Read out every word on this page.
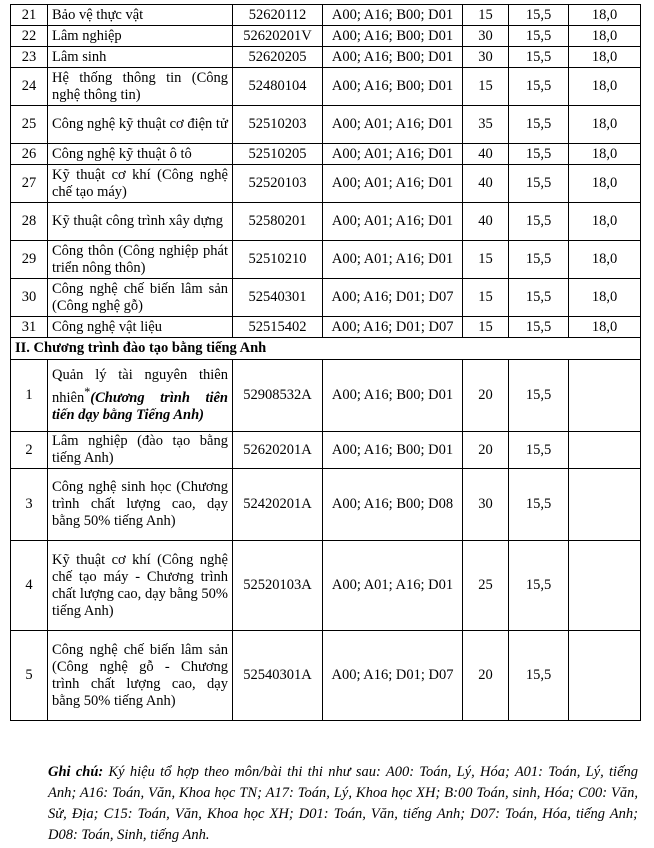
21	Bảo vệ thực vật	52620112	A00; A16; B00; D01	15	15,5	18,0
22	Lâm nghiệp	52620201V	A00; A16; B00; D01	30	15,5	18,0
23	Lâm sinh	52620205	A00; A16; B00; D01	30	15,5	18,0
24	Hệ thống thông tin (Công nghệ thông tin)	52480104	A00; A16; B00; D01	15	15,5	18,0
25	Công nghệ kỹ thuật cơ điện tử	52510203	A00; A01; A16; D01	35	15,5	18,0
26	Công nghệ kỹ thuật ô tô	52510205	A00; A01; A16; D01	40	15,5	18,0
27	Kỹ thuật cơ khí (Công nghệ chế tạo máy)	52520103	A00; A01; A16; D01	40	15,5	18,0
28	Kỹ thuật công trình xây dựng	52580201	A00; A01; A16; D01	40	15,5	18,0
29	Công thôn (Công nghiệp phát triển nông thôn)	52510210	A00; A01; A16; D01	15	15,5	18,0
30	Công nghệ chế biến lâm sản (Công nghệ gỗ)	52540301	A00; A16; D01; D07	15	15,5	18,0
31	Công nghệ vật liệu	52515402	A00; A16; D01; D07	15	15,5	18,0
II. Chương trình đào tạo bằng tiếng Anh						
1	Quản lý tài nguyên thiên nhiên*(Chương trình tiên tiến dạy bằng Tiếng Anh)	52908532A	A00; A16; B00; D01	20	15,5	
2	Lâm nghiệp (đào tạo bằng tiếng Anh)	52620201A	A00; A16; B00; D01	20	15,5	
3	Công nghệ sinh học (Chương trình chất lượng cao, dạy bằng 50% tiếng Anh)	52420201A	A00; A16; B00; D08	30	15,5	
4	Kỹ thuật cơ khí (Công nghệ chế tạo máy - Chương trình chất lượng cao, dạy bằng 50% tiếng Anh)	52520103A	A00; A01; A16; D01	25	15,5	
5	Công nghệ chế biến lâm sản (Công nghệ gỗ - Chương trình chất lượng cao, dạy bằng 50% tiếng Anh)	52540301A	A00; A16; D01; D07	20	15,5	
Ghi chú: Ký hiệu tổ hợp theo môn/bài thi thi như sau: A00: Toán, Lý, Hóa; A01: Toán, Lý, tiếng Anh; A16: Toán, Văn, Khoa học TN; A17: Toán, Lý, Khoa học XH; B:00 Toán, sinh, Hóa; C00: Văn, Sử, Địa; C15: Toán, Văn, Khoa học XH; D01: Toán, Văn, tiếng Anh; D07: Toán, Hóa, tiếng Anh; D08: Toán, Sinh, tiếng Anh.
